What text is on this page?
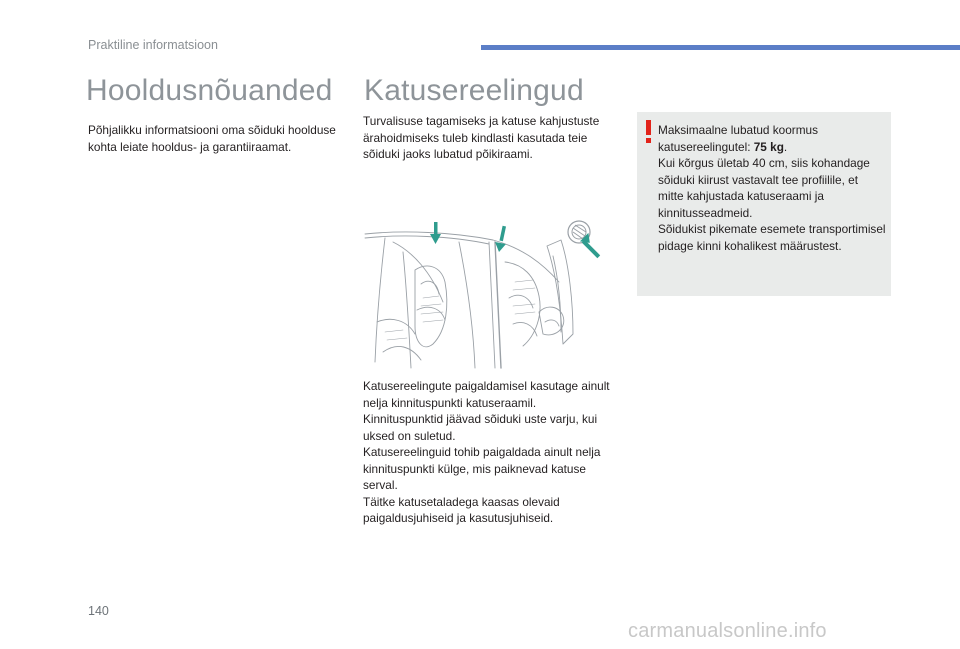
Praktiline informatsioon
Hooldusnõuanded Katusereelingud
Põhjalikku informatsiooni oma sõiduki hoolduse kohta leiate hooldus- ja garantiiraamat.
Turvalisuse tagamiseks ja katuse kahjustuste ärahoidmiseks tuleb kindlasti kasutada teie sõiduki jaoks lubatud põikiraami.

Katusereelingute paigaldamisel kasutage ainult nelja kinnituspunkti katuseraamil.

Kinnituspunktid jäävad sõiduki uste varju, kui uksed on suletud.

Katusereelinguid tohib paigaldada ainult nelja kinnituspunkti külge, mis paiknevad katuse serval.

Täitke katusetaladega kaasas olevaid paigaldusjuhiseid ja kasutusjuhiseid.

Maksimaalne lubatud koormus katusereelingutel: 75 kg.

Kui kõrgus ületab 40 cm, siis kohandage sõiduki kiirust vastavalt tee profiilile, et mitte kahjustada katuseraami ja kinnitusseadmeid.

Sõidukist pikemate esemete transportimisel pidage kinni kohalikest määrustest.

140
carmanualsonline.info
